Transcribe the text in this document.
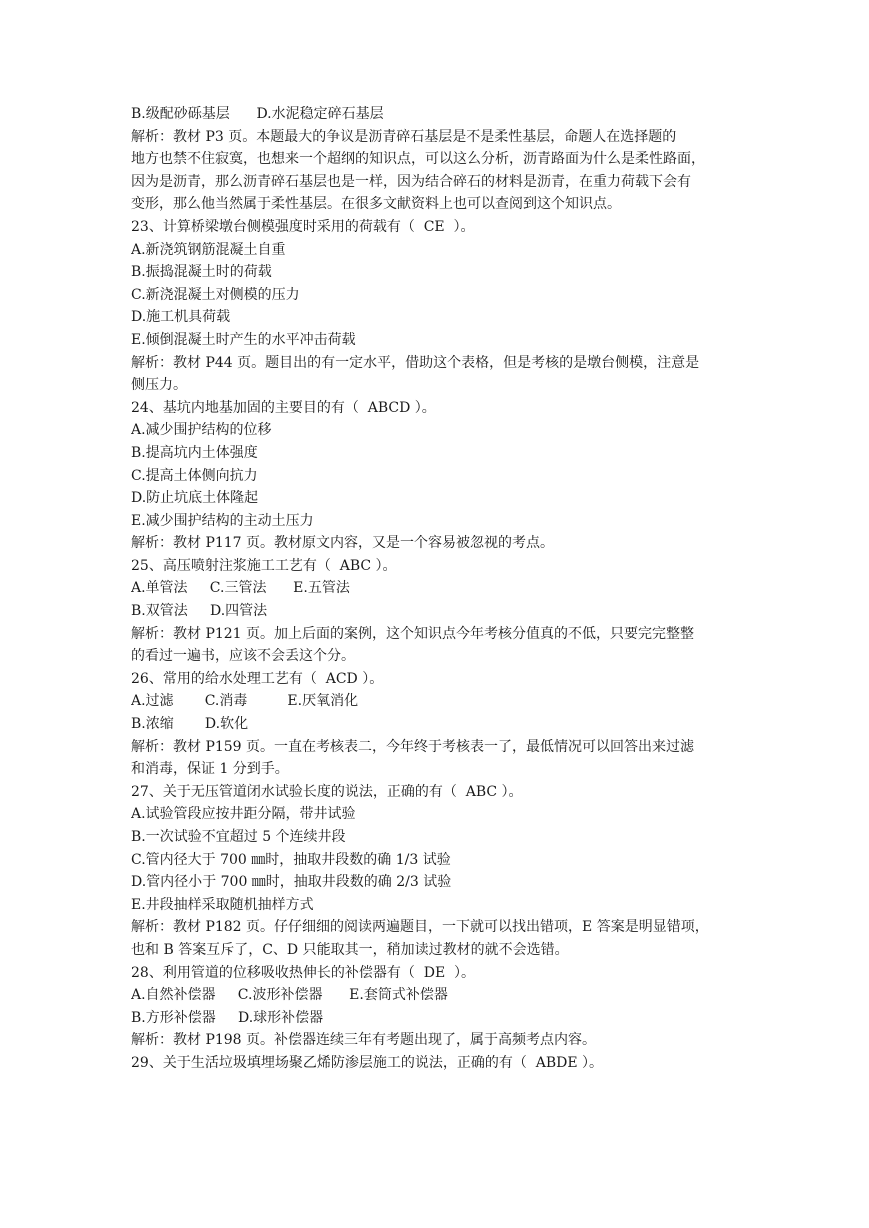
B.级配砂砾基层      D.水泥稳定碎石基层
解析：教材 P3 页。本题最大的争议是沥青碎石基层是不是柔性基层，命题人在选择题的
地方也禁不住寂寞，也想来一个超纲的知识点，可以这么分析，沥青路面为什么是柔性路面，
因为是沥青，那么沥青碎石基层也是一样，因为结合碎石的材料是沥青，在重力荷载下会有
变形，那么他当然属于柔性基层。在很多文献资料上也可以查阅到这个知识点。
23、计算桥梁墩台侧模强度时采用的荷载有（  CE  ）。
A.新浇筑钢筋混凝土自重
B.振捣混凝土时的荷载
C.新浇混凝土对侧模的压力
D.施工机具荷载
E.倾倒混凝土时产生的水平冲击荷载
解析：教材 P44 页。题目出的有一定水平，借助这个表格，但是考核的是墩台侧模，注意是
侧压力。
24、基坑内地基加固的主要目的有（  ABCD ）。
A.减少围护结构的位移
B.提高坑内土体强度
C.提高土体侧向抗力
D.防止坑底土体隆起
E.减少围护结构的主动土压力
解析：教材 P117 页。教材原文内容，又是一个容易被忽视的考点。
25、高压喷射注浆施工工艺有（  ABC ）。
A.单管法     C.三管法      E.五管法
B.双管法     D.四管法
解析：教材 P121 页。加上后面的案例，这个知识点今年考核分值真的不低，只要完完整整
的看过一遍书，应该不会丢这个分。
26、常用的给水处理工艺有（  ACD ）。
A.过滤       C.消毒         E.厌氧消化
B.浓缩       D.软化
解析：教材 P159 页。一直在考核表二，今年终于考核表一了，最低情况可以回答出来过滤
和消毒，保证 1 分到手。
27、关于无压管道闭水试验长度的说法，正确的有（  ABC ）。
A.试验管段应按井距分隔，带井试验
B.一次试验不宜超过 5 个连续井段
C.管内径大于 700 ㎜时，抽取井段数的确 1/3 试验
D.管内径小于 700 ㎜时，抽取井段数的确 2/3 试验
E.井段抽样采取随机抽样方式
解析：教材 P182 页。仔仔细细的阅读两遍题目，一下就可以找出错项，E 答案是明显错项，
也和 B 答案互斥了，C、D 只能取其一，稍加读过教材的就不会选错。
28、利用管道的位移吸收热伸长的补偿器有（  DE  ）。
A.自然补偿器     C.波形补偿器      E.套筒式补偿器
B.方形补偿器     D.球形补偿器
解析：教材 P198 页。补偿器连续三年有考题出现了，属于高频考点内容。
29、关于生活垃圾填埋场聚乙烯防渗层施工的说法，正确的有（  ABDE ）。
